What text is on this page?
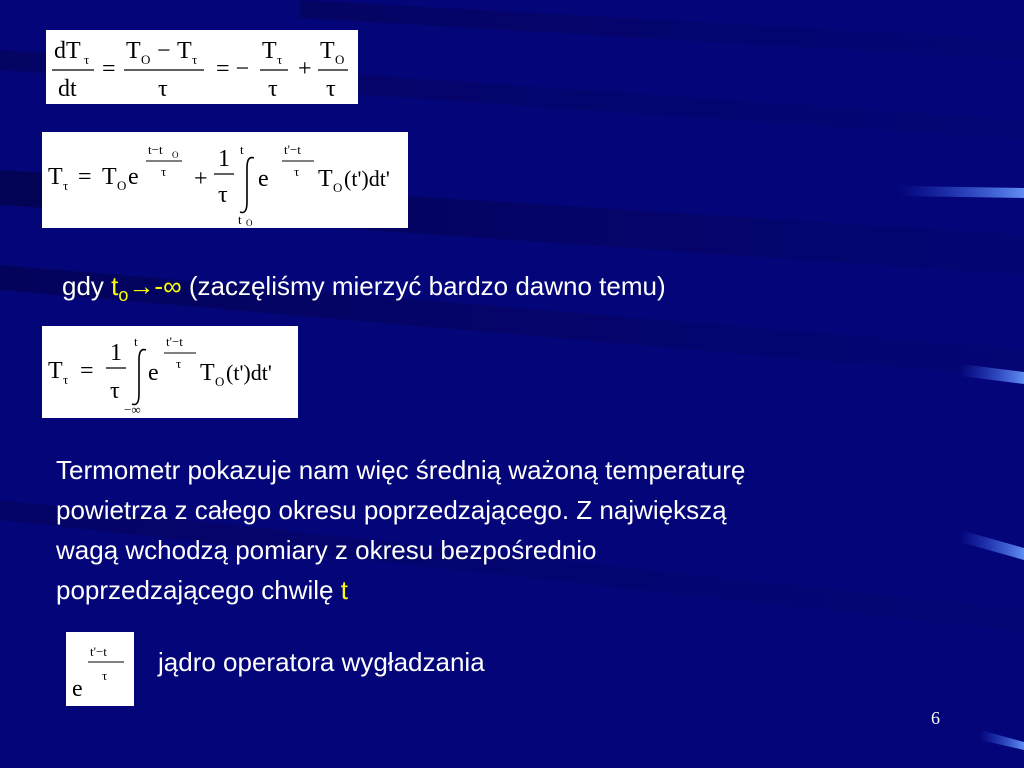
dT τ
dt
=
T O − T τ
τ
= −
T τ
τ
+
T O
τ
T τ = T O e
t−t O
τ +
1
τ
t
t O
e
t'−t
τ T O (t')dt'
gdy $t_o\to-\infty$ (zaczęliśmy mierzyć bardzo dawno temu)
T τ =
1
τ
t
−∞
e
t'−t
τ T O (t')dt'
Termometr pokazuje nam więc średnią ważoną temperaturę
powietrza z całego okresu poprzedzającego. Z największą
wagą wchodzą pomiary z okresu bezpośrednio
poprzedzającego chwilę t
e
t'−t
τ jądro operatora wygładzania
6
